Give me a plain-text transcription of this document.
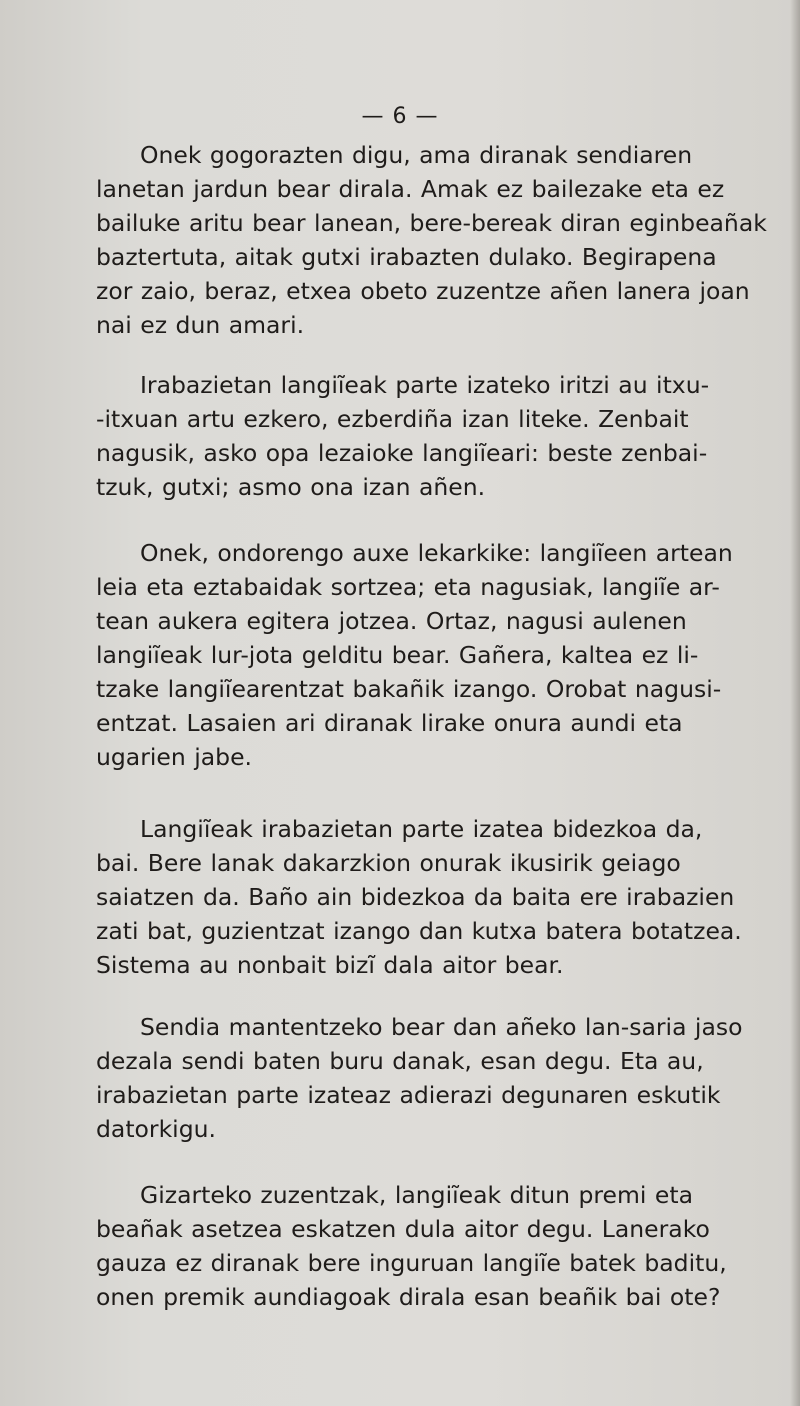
— 6 —
Onek gogorazten digu, ama diranak sendiaren
lanetan jardun bear dirala. Amak ez bailezake eta ez
bailuke aritu bear lanean, bere-bereak diran eginbeañak
baztertuta, aitak gutxi irabazten dulako. Begirapena
zor zaio, beraz, etxea obeto zuzentze añen lanera joan
nai ez dun amari.
Irabazietan langiĩeak parte izateko iritzi au itxu-
-itxuan artu ezkero, ezberdiña izan liteke. Zenbait
nagusik, asko opa lezaioke langiĩeari: beste zenbai-
tzuk, gutxi; asmo ona izan añen.
Onek, ondorengo auxe lekarkike: langiĩeen artean
leia eta eztabaidak sortzea; eta nagusiak, langiĩe ar-
tean aukera egitera jotzea. Ortaz, nagusi aulenen
langiĩeak lur-jota gelditu bear. Gañera, kaltea ez li-
tzake langiĩearentzat bakañik izango. Orobat nagusi-
entzat. Lasaien ari diranak lirake onura aundi eta
ugarien jabe.
Langiĩeak irabazietan parte izatea bidezkoa da,
bai. Bere lanak dakarzkion onurak ikusirik geiago
saiatzen da. Baño ain bidezkoa da baita ere irabazien
zati bat, guzientzat izango dan kutxa batera botatzea.
Sistema au nonbait bizĩ dala aitor bear.
Sendia mantentzeko bear dan añeko lan-saria jaso
dezala sendi baten buru danak, esan degu. Eta au,
irabazietan parte izateaz adierazi degunaren eskutik
datorkigu.
Gizarteko zuzentzak, langiĩeak ditun premi eta
beañak asetzea eskatzen dula aitor degu. Lanerako
gauza ez diranak bere inguruan langiĩe batek baditu,
onen premik aundiagoak dirala esan beañik bai ote?
